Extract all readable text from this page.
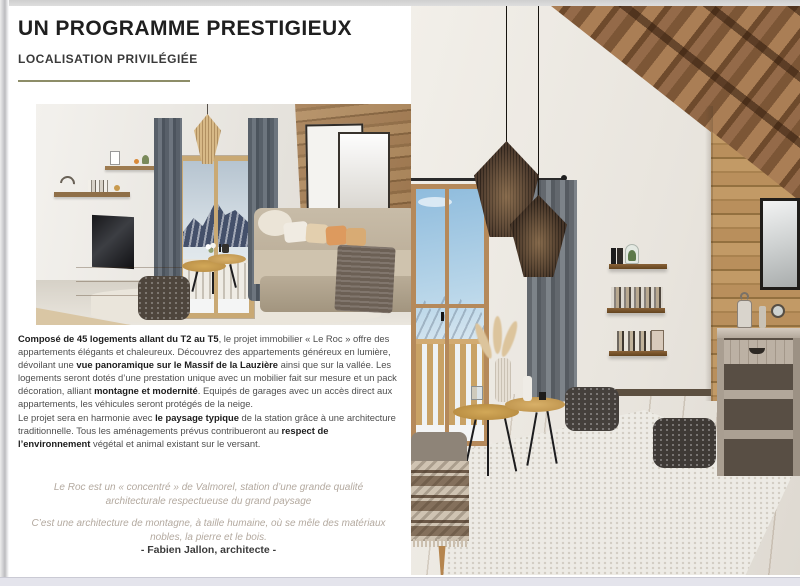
UN PROGRAMME PRESTIGIEUX
LOCALISATION PRIVILÉGIÉE

Composé de 45 logements allant du T2 au T5, le projet immobilier « Le Roc » offre des appartements élégants et chaleureux. Découvrez des appartements généreux en lumière, dévoilant une vue panoramique sur le Massif de la Lauzière ainsi que sur la vallée. Les logements seront dotés d’une prestation unique avec un mobilier fait sur mesure et un pack décoration, alliant montagne et modernité. Equipés de garages avec un accès direct aux appartements, les véhicules seront protégés de la neige.

Le projet sera en harmonie avec le paysage typique de la station grâce à une architecture traditionnelle. Tous les aménagements prévus contribueront au respect de l’environnement végétal et animal existant sur le versant.

Le Roc est un « concentré » de Valmorel, station d’une grande qualité architecturale respectueuse du grand paysage

C’est une architecture de montagne, à taille humaine, où se mêle des matériaux nobles, la pierre et le bois.

- Fabien Jallon, architecte -
